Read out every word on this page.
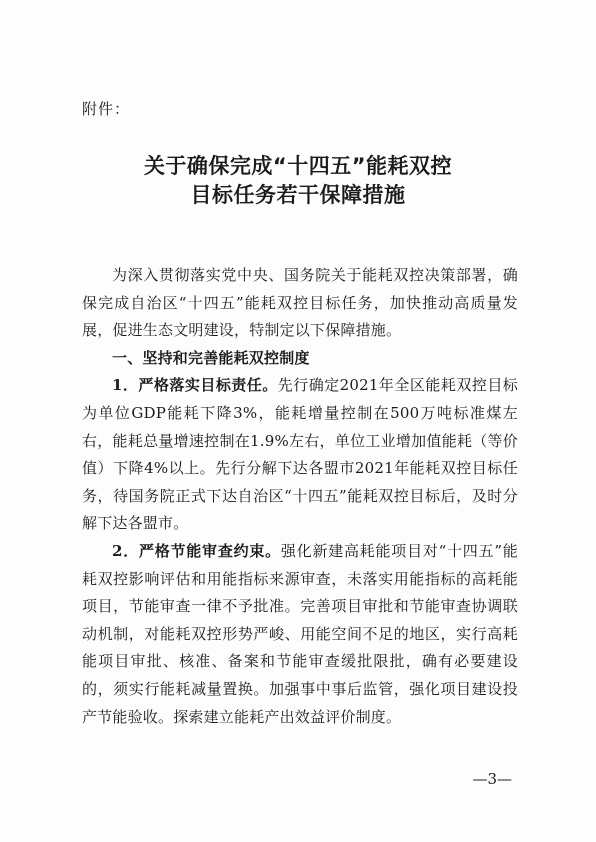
附件：

关于确保完成“十四五”能耗双控
目标任务若干保障措施

为深入贯彻落实党中央、国务院关于能耗双控决策部署，确保完成自治区“十四五”能耗双控目标任务，加快推动高质量发展，促进生态文明建设，特制定以下保障措施。

一、坚持和完善能耗双控制度

1．严格落实目标责任。先行确定2021年全区能耗双控目标为单位GDP能耗下降3%，能耗增量控制在500万吨标准煤左右，能耗总量增速控制在1.9%左右，单位工业增加值能耗（等价值）下降4%以上。先行分解下达各盟市2021年能耗双控目标任务，待国务院正式下达自治区“十四五”能耗双控目标后，及时分解下达各盟市。

2．严格节能审查约束。强化新建高耗能项目对“十四五”能耗双控影响评估和用能指标来源审查，未落实用能指标的高耗能项目，节能审查一律不予批准。完善项目审批和节能审查协调联动机制，对能耗双控形势严峻、用能空间不足的地区，实行高耗能项目审批、核准、备案和节能审查缓批限批，确有必要建设的，须实行能耗减量置换。加强事中事后监管，强化项目建设投产节能验收。探索建立能耗产出效益评价制度。

—3—
